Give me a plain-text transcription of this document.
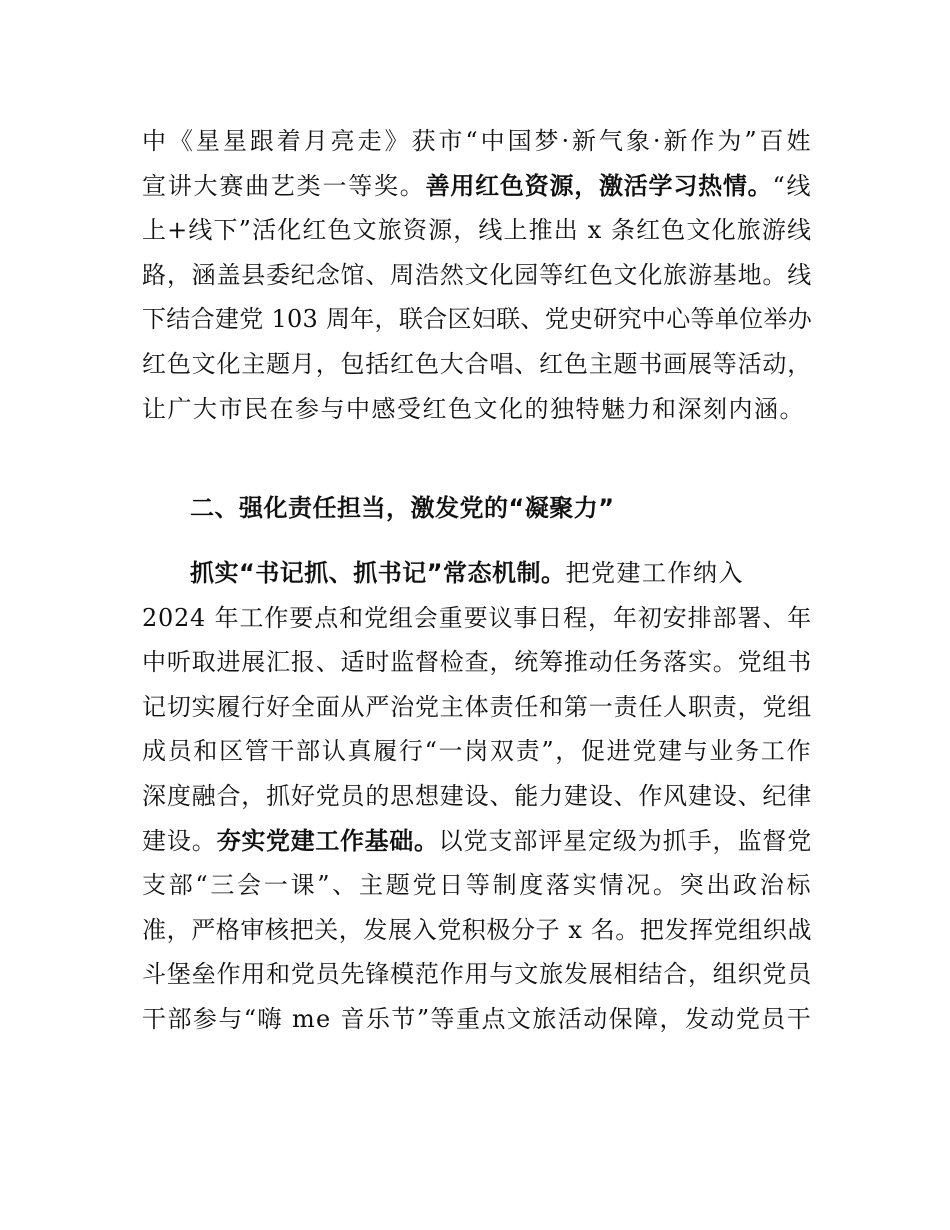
中《星星跟着月亮走》获市“中国梦·新气象·新作为”百姓
宣讲大赛曲艺类一等奖。善用红色资源，激活学习热情。“线
上+线下”活化红色文旅资源，线上推出 x 条红色文化旅游线
路，涵盖县委纪念馆、周浩然文化园等红色文化旅游基地。线
下结合建党 103 周年，联合区妇联、党史研究中心等单位举办
红色文化主题月，包括红色大合唱、红色主题书画展等活动，
让广大市民在参与中感受红色文化的独特魅力和深刻内涵。
二、强化责任担当，激发党的“凝聚力”
抓实“书记抓、抓书记”常态机制。把党建工作纳入
2024 年工作要点和党组会重要议事日程，年初安排部署、年
中听取进展汇报、适时监督检查，统筹推动任务落实。党组书
记切实履行好全面从严治党主体责任和第一责任人职责，党组
成员和区管干部认真履行“一岗双责”，促进党建与业务工作
深度融合，抓好党员的思想建设、能力建设、作风建设、纪律
建设。夯实党建工作基础。以党支部评星定级为抓手，监督党
支部“三会一课”、主题党日等制度落实情况。突出政治标
准，严格审核把关，发展入党积极分子 x 名。把发挥党组织战
斗堡垒作用和党员先锋模范作用与文旅发展相结合，组织党员
干部参与“嗨 me 音乐节”等重点文旅活动保障，发动党员干
